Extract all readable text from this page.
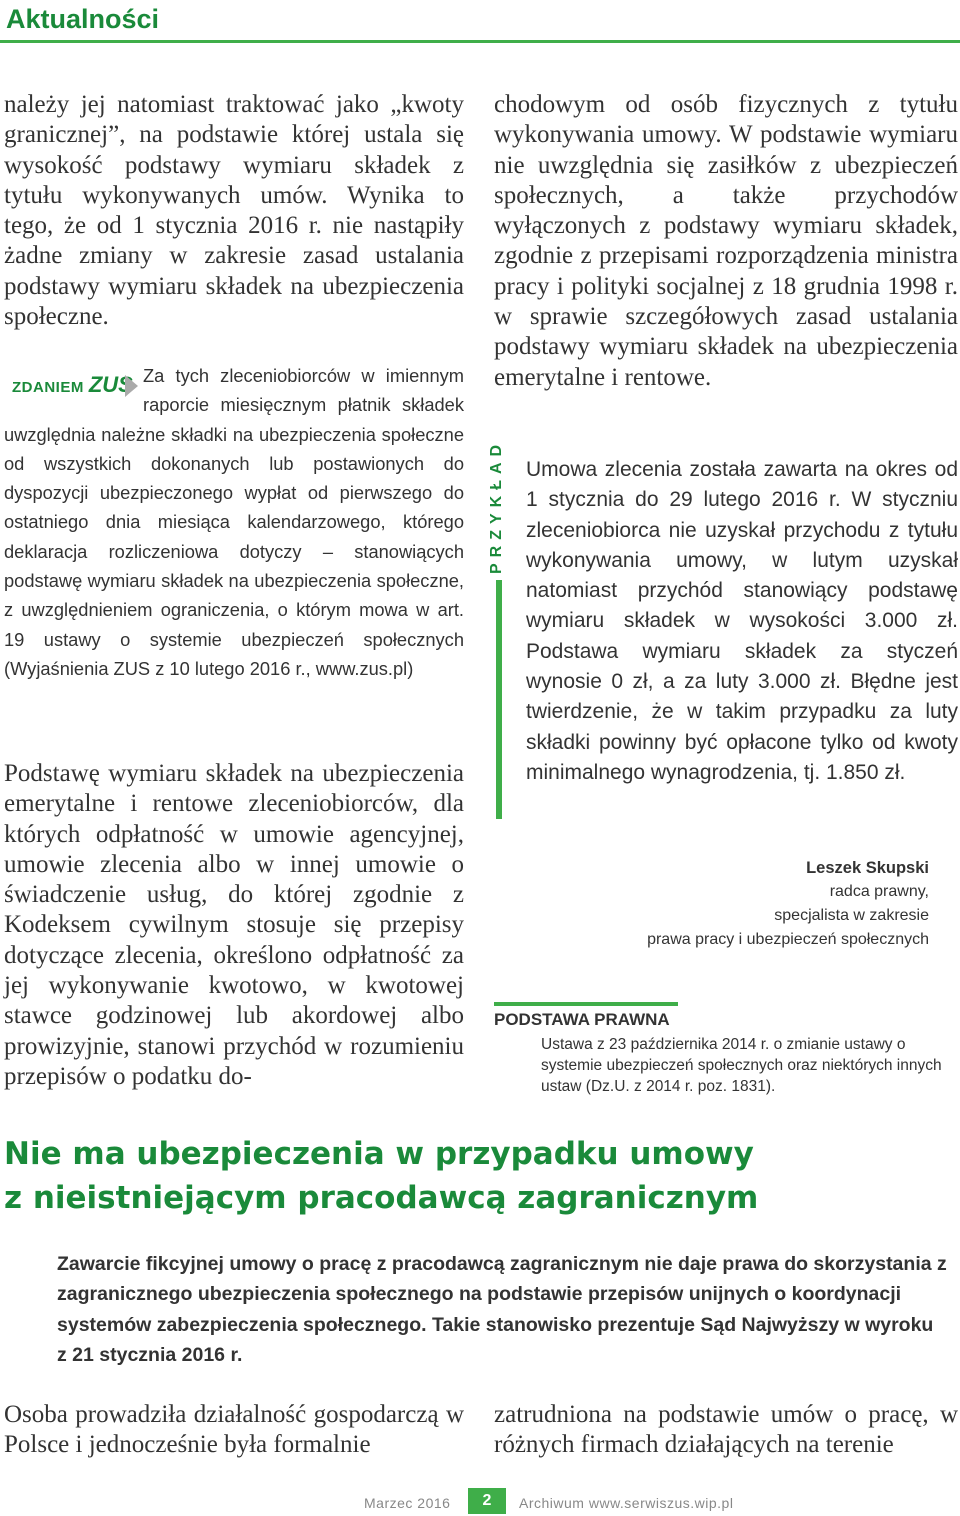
Aktualności

należy jej natomiast traktować jako „kwoty granicznej”, na podstawie której ustala się wysokość podstawy wymiaru składek z tytułu wykonywanych umów. Wynika to tego, że od 1 stycznia 2016 r. nie nastąpiły żadne zmiany w zakresie zasad ustalania podstawy wymiaru składek na ubezpieczenia społeczne.

ZDANIEM ZUS Za tych zleceniobiorców w imiennym raporcie miesięcznym płatnik składek uwzględnia należne składki na ubezpieczenia społeczne od wszystkich dokonanych lub postawionych do dyspozycji ubezpieczonego wypłat od pierwszego do ostatniego dnia miesiąca kalendarzowego, którego deklaracja rozliczeniowa dotyczy – stanowiących podstawę wymiaru składek na ubezpieczenia społeczne, z uwzględnieniem ograniczenia, o którym mowa w art. 19 ustawy o systemie ubezpieczeń społecznych (Wyjaśnienia ZUS z 10 lutego 2016 r., www.zus.pl)

Podstawę wymiaru składek na ubezpieczenia emerytalne i rentowe zleceniobiorców, dla których odpłatność w umowie agencyjnej, umowie zlecenia albo w innej umowie o świadczenie usług, do której zgodnie z Kodeksem cywilnym stosuje się przepisy dotyczące zlecenia, określono odpłatność za jej wykonywanie kwotowo, w kwotowej stawce godzinowej lub akordowej albo prowizyjnie, stanowi przychód w rozumieniu przepisów o podatku do-

chodowym od osób fizycznych z tytułu wykonywania umowy. W podstawie wymiaru nie uwzględnia się zasiłków z ubezpieczeń społecznych, a także przychodów wyłączonych z podstawy wymiaru składek, zgodnie z przepisami rozporządzenia ministra pracy i polityki socjalnej z 18 grudnia 1998 r. w sprawie szczegółowych zasad ustalania podstawy wymiaru składek na ubezpieczenia emerytalne i rentowe.

PRZYKŁAD Umowa zlecenia została zawarta na okres od 1 stycznia do 29 lutego 2016 r. W styczniu zleceniobiorca nie uzyskał przychodu z tytułu wykonywania umowy, w lutym uzyskał natomiast przychód stanowiący podstawę wymiaru składek w wysokości 3.000 zł. Podstawa wymiaru składek za styczeń wynosie 0 zł, a za luty 3.000 zł. Błędne jest twierdzenie, że w takim przypadku za luty składki powinny być opłacone tylko od kwoty minimalnego wynagrodzenia, tj. 1.850 zł.
Leszek Skupski
radca prawny,
specjalista w zakresie
prawa pracy i ubezpieczeń społecznych
PODSTAWA PRAWNA
Ustawa z 23 października 2014 r. o zmianie ustawy o systemie ubezpieczeń społecznych oraz niektórych innych ustaw (Dz.U. z 2014 r. poz. 1831).
Nie ma ubezpieczenia w przypadku umowy
z nieistniejącym pracodawcą zagranicznym
Zawarcie fikcyjnej umowy o pracę z pracodawcą zagranicznym nie daje prawa do skorzystania z zagranicznego ubezpieczenia społecznego na podstawie przepisów unijnych o koordynacji systemów zabezpieczenia społecznego. Takie stanowisko prezentuje Sąd Najwyższy w wyroku z 21 stycznia 2016 r.

Osoba prowadziła działalność gospodarczą w Polsce i jednocześnie była formalnie

zatrudniona na podstawie umów o pracę, w różnych firmach działających na terenie

Marzec 2016	2	Archiwum www.serwiszus.wip.pl
